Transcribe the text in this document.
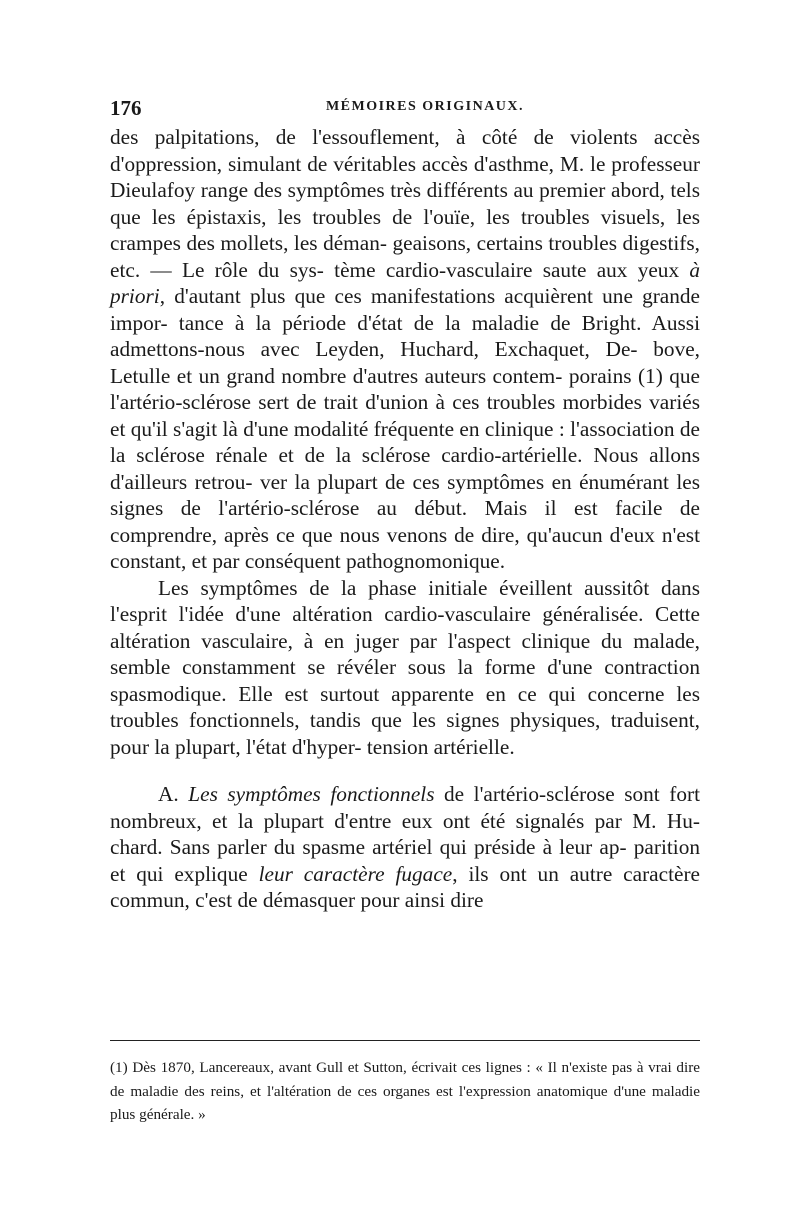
176	MÉMOIRES ORIGINAUX.

des palpitations, de l'essouflement, à côté de violents accès d'oppression, simulant de véritables accès d'asthme, M. le professeur Dieulafoy range des symptômes très différents au premier abord, tels que les épistaxis, les troubles de l'ouïe, les troubles visuels, les crampes des mollets, les déman- geaisons, certains troubles digestifs, etc. — Le rôle du sys- tème cardio-vasculaire saute aux yeux à priori, d'autant plus que ces manifestations acquièrent une grande impor- tance à la période d'état de la maladie de Bright. Aussi admettons-nous avec Leyden, Huchard, Exchaquet, De- bove, Letulle et un grand nombre d'autres auteurs contem- porains (1) que l'artério-sclérose sert de trait d'union à ces troubles morbides variés et qu'il s'agit là d'une modalité fréquente en clinique : l'association de la sclérose rénale et de la sclérose cardio-artérielle. Nous allons d'ailleurs retrou- ver la plupart de ces symptômes en énumérant les signes de l'artério-sclérose au début. Mais il est facile de comprendre, après ce que nous venons de dire, qu'aucun d'eux n'est constant, et par conséquent pathognomonique.

Les symptômes de la phase initiale éveillent aussitôt dans l'esprit l'idée d'une altération cardio-vasculaire généralisée. Cette altération vasculaire, à en juger par l'aspect clinique du malade, semble constamment se révéler sous la forme d'une contraction spasmodique. Elle est surtout apparente en ce qui concerne les troubles fonctionnels, tandis que les signes physiques, traduisent, pour la plupart, l'état d'hyper- tension artérielle.

A. Les symptômes fonctionnels de l'artério-sclérose sont fort nombreux, et la plupart d'entre eux ont été signalés par M. Hu- chard. Sans parler du spasme artériel qui préside à leur ap- parition et qui explique leur caractère fugace, ils ont un autre caractère commun, c'est de démasquer pour ainsi dire

(1) Dès 1870, Lancereaux, avant Gull et Sutton, écrivait ces lignes : « Il n'existe pas à vrai dire de maladie des reins, et l'altération de ces organes est l'expression anatomique d'une maladie plus générale. »
